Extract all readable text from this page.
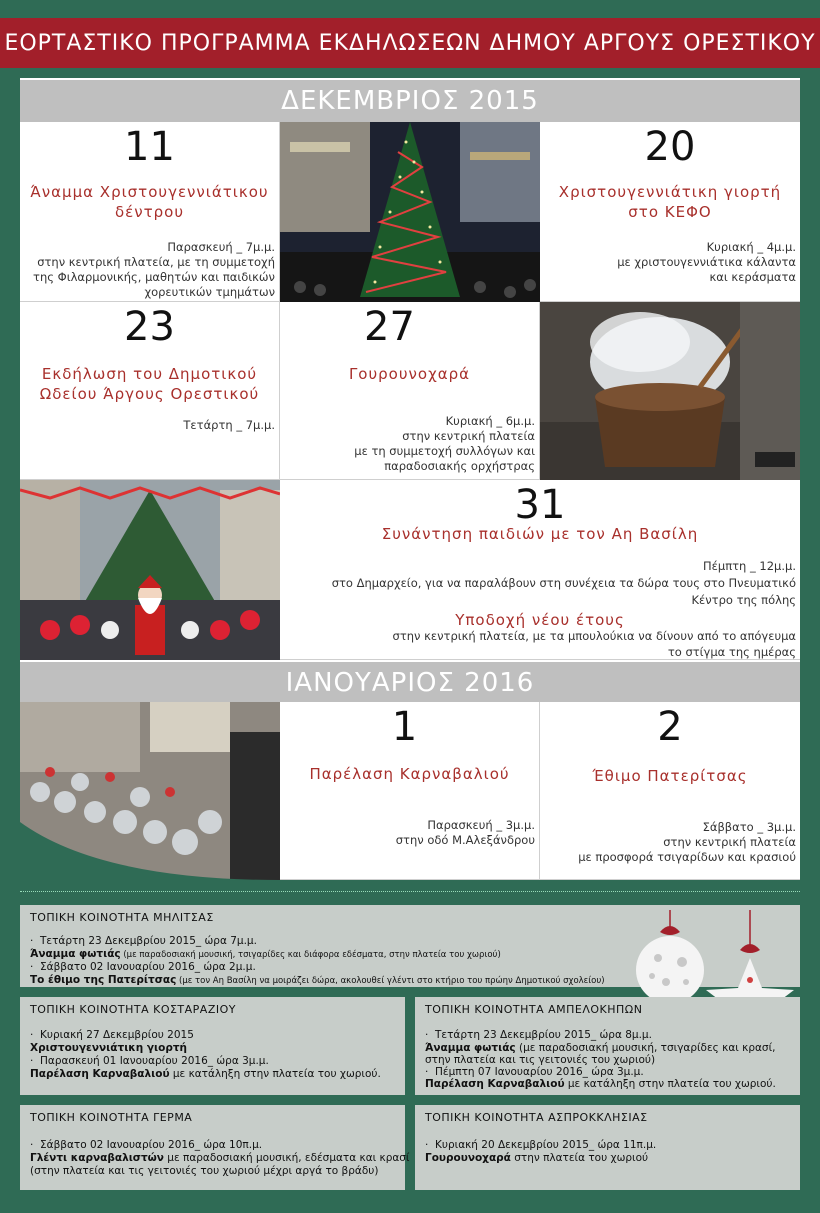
ΕΟΡΤΑΣΤΙΚΟ ΠΡΟΓΡΑΜΜΑ ΕΚΔΗΛΩΣΕΩΝ ΔΗΜΟΥ ΑΡΓΟΥΣ ΟΡΕΣΤΙΚΟΥ
ΔΕΚΕΜΒΡΙΟΣ 2015
11
Άναμμα Χριστουγεννιάτικου δέντρου
Παρασκευή _ 7μ.μ.
στην κεντρική πλατεία, με τη συμμετοχή
της Φιλαρμονικής, μαθητών και παιδικών
χορευτικών τμημάτων
20
Χριστουγεννιάτικη γιορτή στο ΚΕΦΟ
Κυριακή _ 4μ.μ.
με χριστουγεννιάτικα κάλαντα
και κεράσματα
23
Εκδήλωση του Δημοτικού Ωδείου Άργους Ορεστικού
Τετάρτη _ 7μ.μ.
27
Γουρουνοχαρά
Κυριακή _ 6μ.μ.
στην κεντρική πλατεία
με τη συμμετοχή συλλόγων και
παραδοσιακής ορχήστρας
31
Συνάντηση παιδιών με τον Αη Βασίλη
Πέμπτη _ 12μ.μ.
στο Δημαρχείο, για να παραλάβουν στη συνέχεια τα δώρα τους στο Πνευματικό
Κέντρο της πόλης
Υποδοχή νέου έτους
στην κεντρική πλατεία, με τα μπουλούκια να δίνουν από το απόγευμα
το στίγμα της ημέρας
ΙΑΝΟΥΑΡΙΟΣ 2016
1
Παρέλαση Καρναβαλιού
Παρασκευή _ 3μ.μ.
στην οδό Μ.Αλεξάνδρου
2
Έθιμο Πατερίτσας
Σάββατο _ 3μ.μ.
στην κεντρική πλατεία
με προσφορά τσιγαρίδων και κρασιού
ΤΟΠΙΚΗ ΚΟΙΝΟΤΗΤΑ ΜΗΛΙΤΣΑΣ
·  Τετάρτη 23 Δεκεμβρίου 2015_ ώρα 7μ.μ.
Άναμμα φωτιάς (με παραδοσιακή μουσική, τσιγαρίδες και διάφορα εδέσματα, στην πλατεία του χωριού)
·  Σάββατο 02 Ιανουαρίου 2016_ ώρα 2μ.μ.
Το έθιμο της Πατερίτσας (με τον Αη Βασίλη να μοιράζει δώρα, ακολουθεί γλέντι στο κτήριο του πρώην Δημοτικού σχολείου)
ΤΟΠΙΚΗ ΚΟΙΝΟΤΗΤΑ ΚΟΣΤΑΡΑΖΙΟΥ
·  Κυριακή 27 Δεκεμβρίου 2015
Χριστουγεννιάτικη γιορτή
·  Παρασκευή 01 Ιανουαρίου 2016_ ώρα 3μ.μ.
Παρέλαση Καρναβαλιού με κατάληξη στην πλατεία του χωριού.
ΤΟΠΙΚΗ ΚΟΙΝΟΤΗΤΑ ΑΜΠΕΛΟΚΗΠΩΝ
·  Τετάρτη 23 Δεκεμβρίου 2015_ ώρα 8μ.μ.
Άναμμα φωτιάς (με παραδοσιακή μουσική, τσιγαρίδες και κρασί,
στην πλατεία και τις γειτονιές του χωριού)
·  Πέμπτη 07 Ιανουαρίου 2016_ ώρα 3μ.μ.
Παρέλαση Καρναβαλιού με κατάληξη στην πλατεία του χωριού.
ΤΟΠΙΚΗ ΚΟΙΝΟΤΗΤΑ ΓΕΡΜΑ
·  Σάββατο 02 Ιανουαρίου 2016_ ώρα 10π.μ.
Γλέντι καρναβαλιστών με παραδοσιακή μουσική, εδέσματα και κρασί
(στην πλατεία και τις γειτονιές του χωριού μέχρι αργά το βράδυ)
ΤΟΠΙΚΗ ΚΟΙΝΟΤΗΤΑ ΑΣΠΡΟΚΚΛΗΣΙΑΣ
·  Κυριακή 20 Δεκεμβρίου 2015_ ώρα 11π.μ.
Γουρουνοχαρά στην πλατεία του χωριού
